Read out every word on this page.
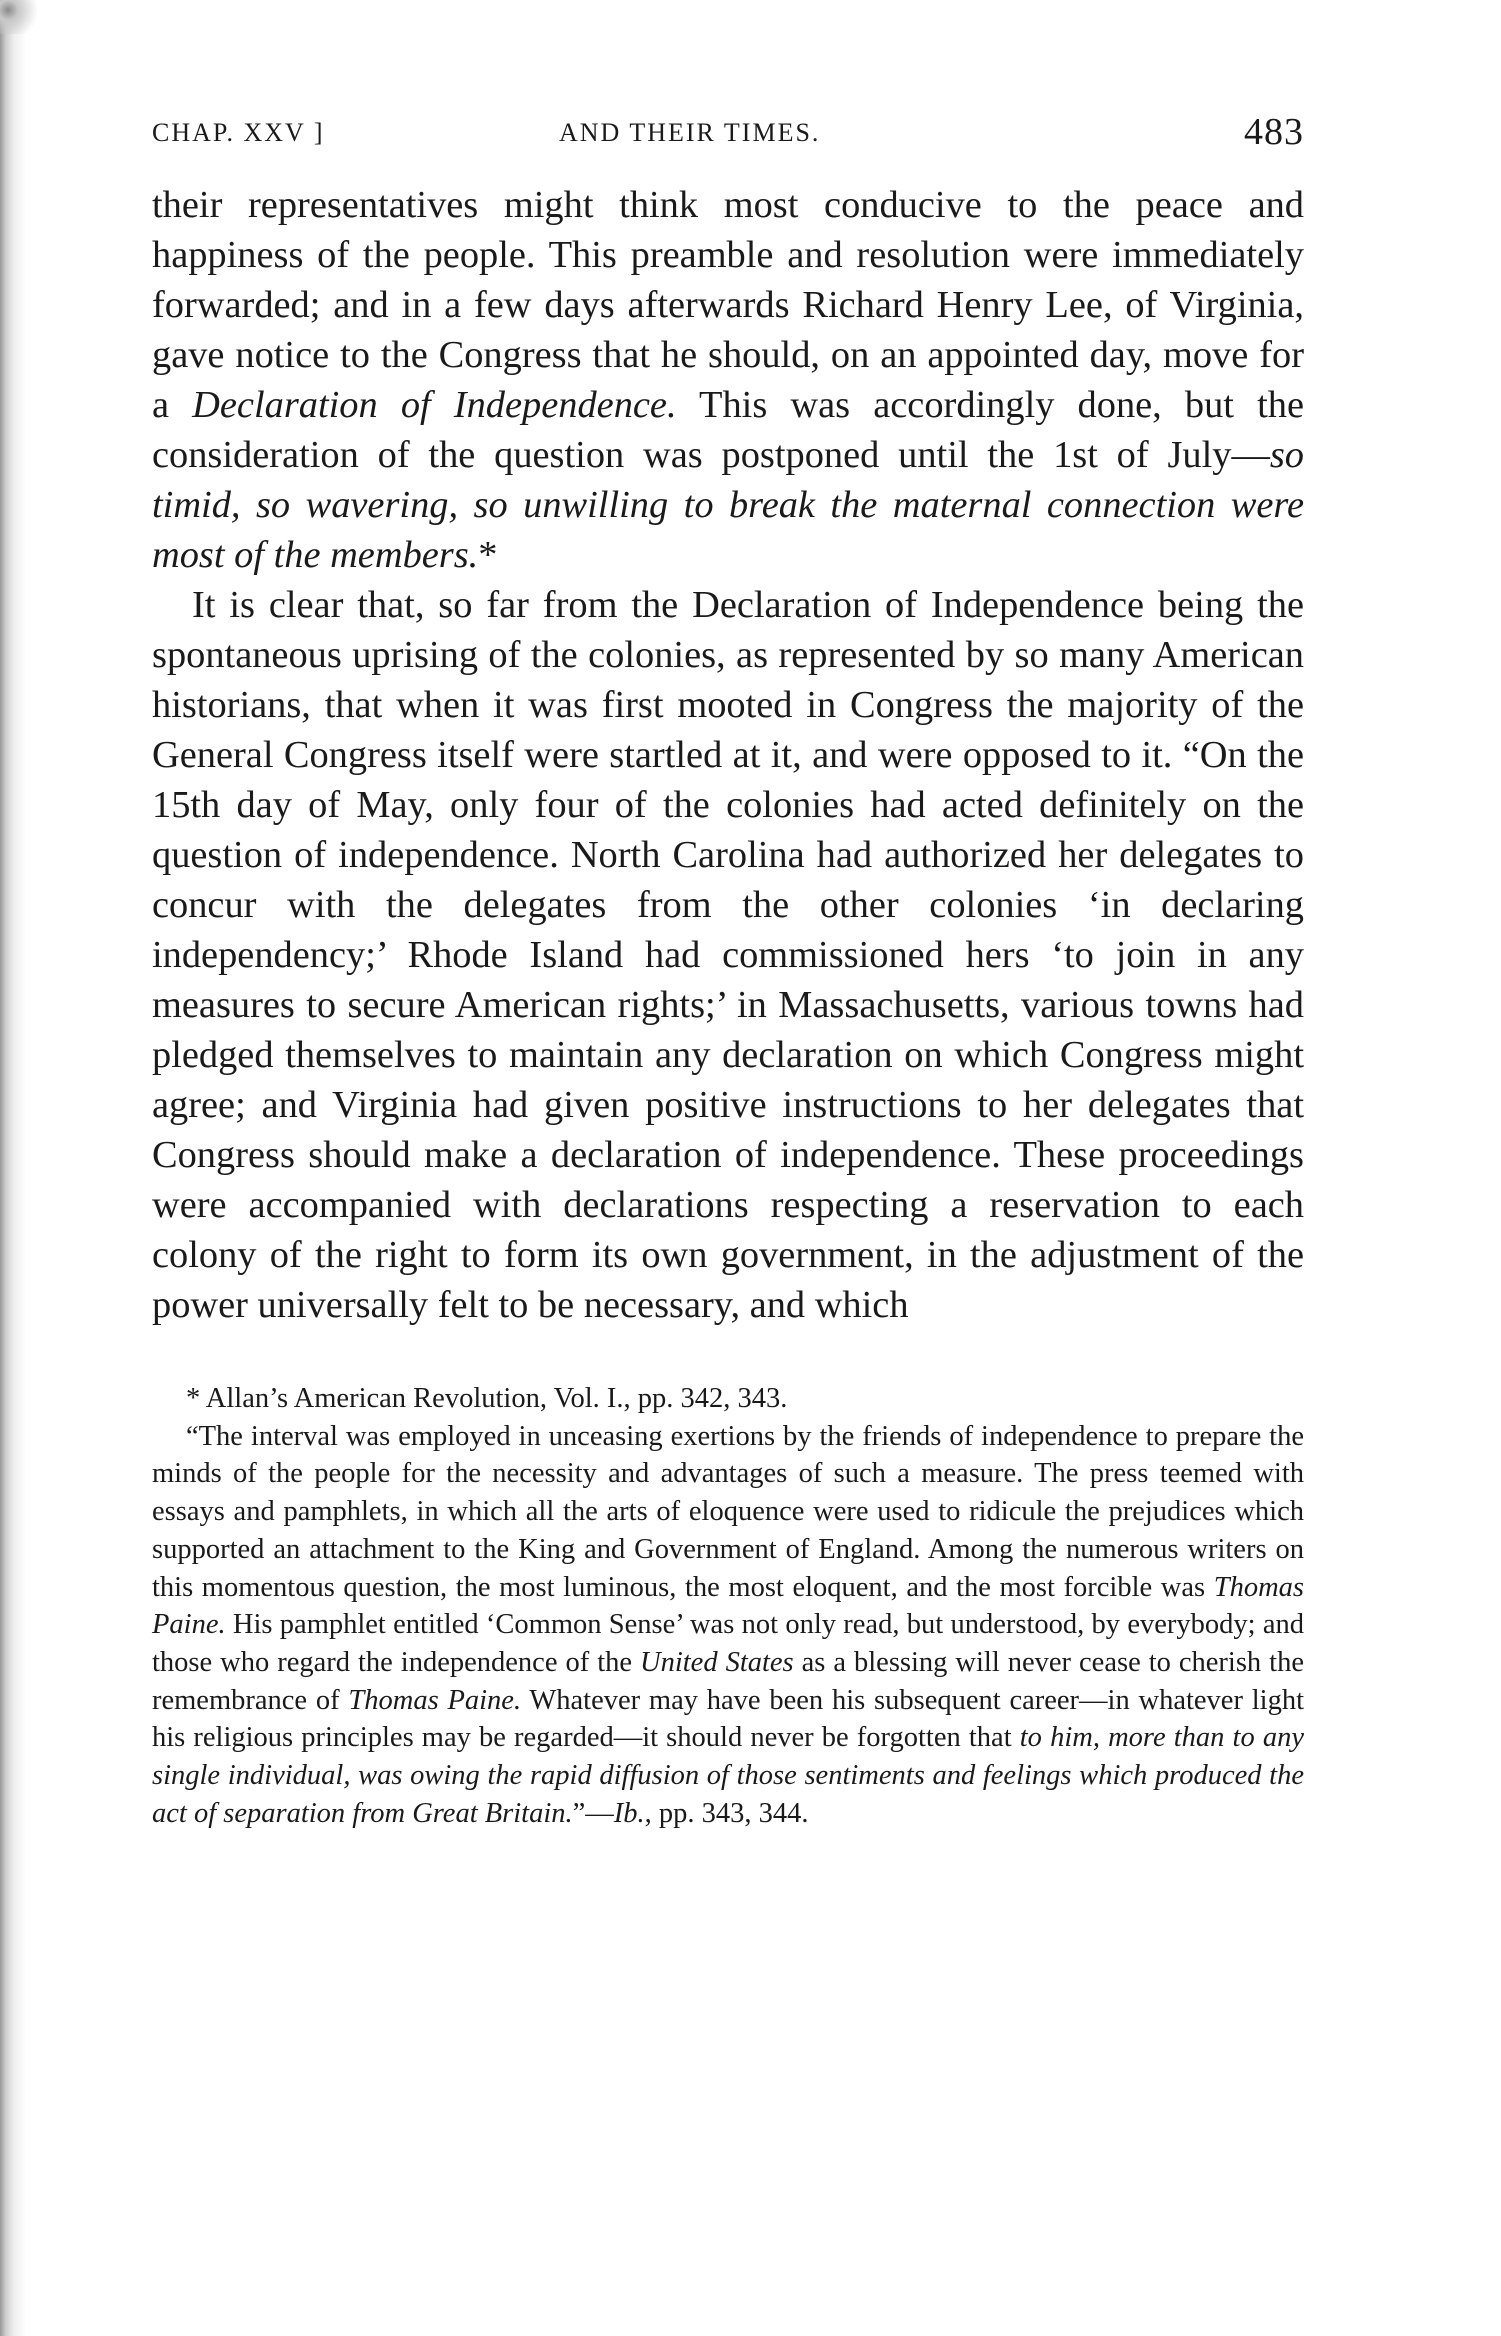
CHAP. XXV ]	AND THEIR TIMES.	483

their representatives might think most conducive to the peace and happiness of the people. This preamble and resolution were immediately forwarded; and in a few days afterwards Richard Henry Lee, of Virginia, gave notice to the Congress that he should, on an appointed day, move for a Declaration of Independence. This was accordingly done, but the consideration of the question was postponed until the 1st of July—so timid, so wavering, so unwilling to break the maternal connection were most of the members.*

It is clear that, so far from the Declaration of Independence being the spontaneous uprising of the colonies, as represented by so many American historians, that when it was first mooted in Congress the majority of the General Congress itself were startled at it, and were opposed to it. “On the 15th day of May, only four of the colonies had acted definitely on the question of independence. North Carolina had authorized her delegates to concur with the delegates from the other colonies ‘in declaring independency;’ Rhode Island had commissioned hers ‘to join in any measures to secure American rights;’ in Massachusetts, various towns had pledged themselves to maintain any declaration on which Congress might agree; and Virginia had given positive instructions to her delegates that Congress should make a declaration of independence. These proceedings were accompanied with declarations respecting a reservation to each colony of the right to form its own government, in the adjustment of the power universally felt to be necessary, and which

* Allan’s American Revolution, Vol. I., pp. 342, 343.

“The interval was employed in unceasing exertions by the friends of independence to prepare the minds of the people for the necessity and advantages of such a measure. The press teemed with essays and pamphlets, in which all the arts of eloquence were used to ridicule the prejudices which supported an attachment to the King and Government of England. Among the numerous writers on this momentous question, the most luminous, the most eloquent, and the most forcible was Thomas Paine. His pamphlet entitled ‘Common Sense’ was not only read, but understood, by everybody; and those who regard the independence of the United States as a blessing will never cease to cherish the remembrance of Thomas Paine. Whatever may have been his subsequent career—in whatever light his religious principles may be regarded—it should never be forgotten that to him, more than to any single individual, was owing the rapid diffusion of those sentiments and feelings which produced the act of separation from Great Britain.”—Ib., pp. 343, 344.
